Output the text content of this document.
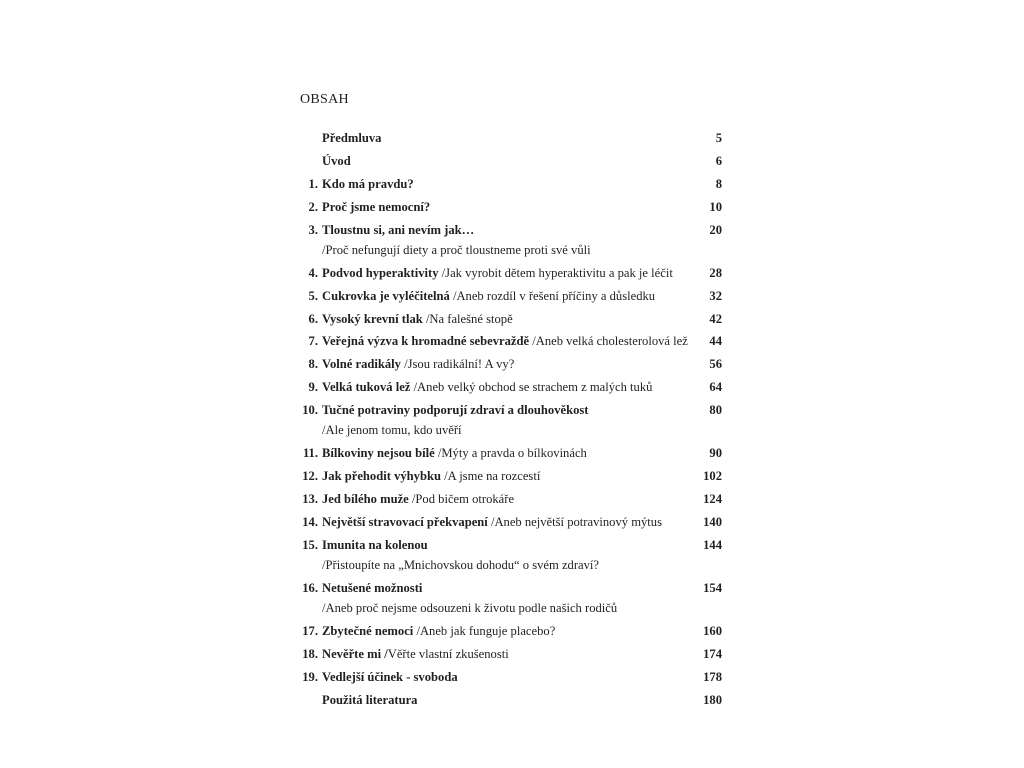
OBSAH
Předmluva	5
Úvod	6
1. Kdo má pravdu?	8
2. Proč jsme nemocní?	10
3. Tloustnu si, ani nevím jak…	20
/Proč nefungují diety a proč tloustneme proti své vůli
4. Podvod hyperaktivity /Jak vyrobit dětem hyperaktivitu a pak je léčit	28
5. Cukrovka je vyléčitelná /Aneb rozdíl v řešení příčiny a důsledku	32
6. Vysoký krevní tlak /Na falešné stopě	42
7. Veřejná výzva k hromadné sebevraždě /Aneb velká cholesterolová lež 44
8. Volné radikály /Jsou radikální! A vy?	56
9. Velká tuková lež /Aneb velký obchod se strachem z malých tuků	64
10. Tučné potraviny podporují zdraví a dlouhověkost	80
/Ale jenom tomu, kdo uvěří
11. Bílkoviny nejsou bílé /Mýty a pravda o bílkovinách	90
12. Jak přehodit výhybku /A jsme na rozcestí	102
13. Jed bílého muže /Pod bičem otrokáře	124
14. Největší stravovací překvapení /Aneb největší potravinový mýtus	140
15. Imunita na kolenou	144
/Přistoupíte na „Mnichovskou dohodu“ o svém zdraví?
16. Netušené možnosti	154
/Aneb proč nejsme odsouzeni k životu podle našich rodičů
17. Zbytečné nemoci /Aneb jak funguje placebo?	160
18. Nevěřte mi /Věřte vlastní zkušenosti	174
19. Vedlejší účinek - svoboda	178
Použitá literatura	180
